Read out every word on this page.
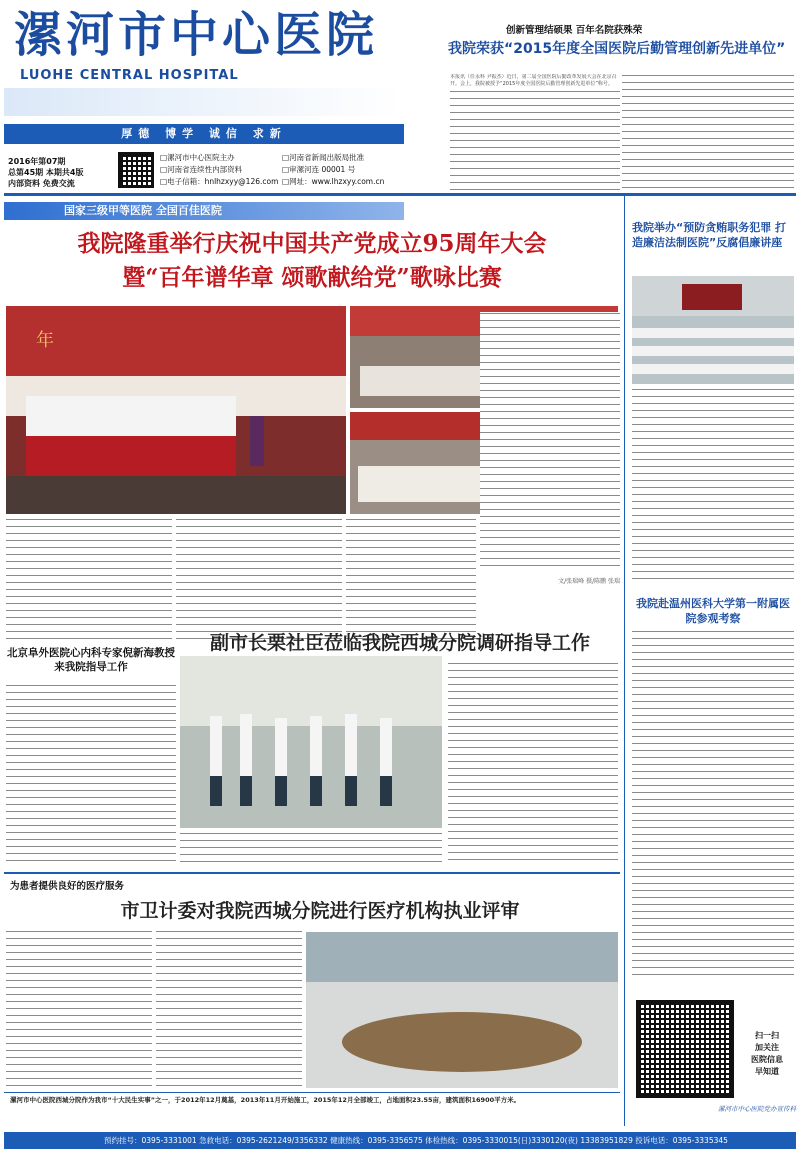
漯河市中心医院
LUOHE CENTRAL HOSPITAL
厚德 博学 诚信 求新
2016年第07期
总第45期 本期共4版
内部资料 免费交流
□漯河市中心医院主办
□河南省连续性内部资料
□电子信箱：hnlhzxyy@126.com
□河南省新闻出版局批准
□审漯河连 00001 号
□网址：www.lhzxyy.com.cn
创新管理结硕果 百年名院获殊荣
我院荣获“2015年度全国医院后勤管理创新先进单位”
本报讯（任永科 尹振杰）近日，第二届全国医院后勤改革发展大会在北京召开。会上，我院被授予“2015年度全国医院后勤管理创新先进单位”称号。
国家三级甲等医院 全国百佳医院
我院隆重举行庆祝中国共产党成立95周年大会
暨“百年谱华章 颂歌献给党”歌咏比赛
年
文/张瑞峰 摄/陈鹏 张瑞
北京阜外医院心内科专家倪新海教授来我院指导工作
副市长栗社臣莅临我院西城分院调研指导工作
为患者提供良好的医疗服务
市卫计委对我院西城分院进行医疗机构执业评审
漯河市中心医院西城分院作为我市“十大民生实事”之一，于2012年12月奠基，2013年11月开始施工，2015年12月全部竣工，占地面积23.55亩，建筑面积16900平方米。
我院举办“预防贪贿职务犯罪 打造廉洁法制医院”反腐倡廉讲座
我院赴温州医科大学第一附属医院参观考察
扫一扫
加关注
医院信息
早知道
漯河市中心医院党办宣传科
预约挂号：0395-3331001 急救电话：0395-2621249/3356332 健康热线：0395-3356575 体检热线：0395-3330015(日)3330120(夜) 13383951829 投诉电话：0395-3335345
